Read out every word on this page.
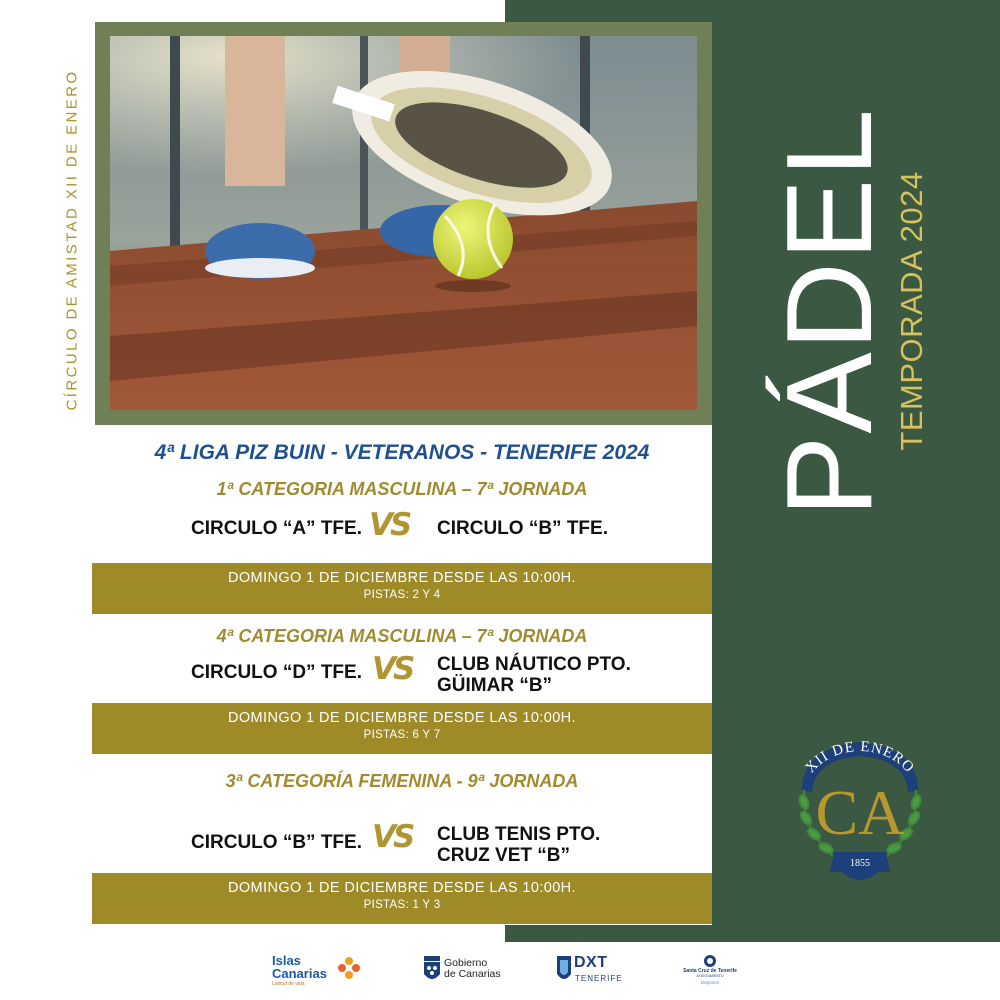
CÍRCULO DE AMISTAD XII DE ENERO
4ª LIGA PIZ BUIN - VETERANOS - TENERIFE 2024
1ª CATEGORIA MASCULINA – 7ª JORNADA
CIRCULO “A” TFE. VS CIRCULO “B” TFE.
DOMINGO 1 DE DICIEMBRE DESDE LAS 10:00H.
PISTAS: 2 Y 4
4ª CATEGORIA MASCULINA – 7ª JORNADA
CIRCULO “D” TFE. VS CLUB NÁUTICO PTO.
GÜIMAR “B”
DOMINGO 1 DE DICIEMBRE DESDE LAS 10:00H.
PISTAS: 6 Y 7
3ª CATEGORÍA FEMENINA - 9ª JORNADA
CIRCULO “B” TFE. VS CLUB TENIS PTO.
CRUZ VET “B”
DOMINGO 1 DE DICIEMBRE DESDE LAS 10:00H.
PISTAS: 1 Y 3
PÁDEL
TEMPORADA 2024
XII DE ENERO
CA
1855
Islas
Canarias
Latitud de vida
Gobierno
de Canarias
DXT
TENERIFE
Santa Cruz de Tenerife
AYUNTAMIENTO
Deportes
